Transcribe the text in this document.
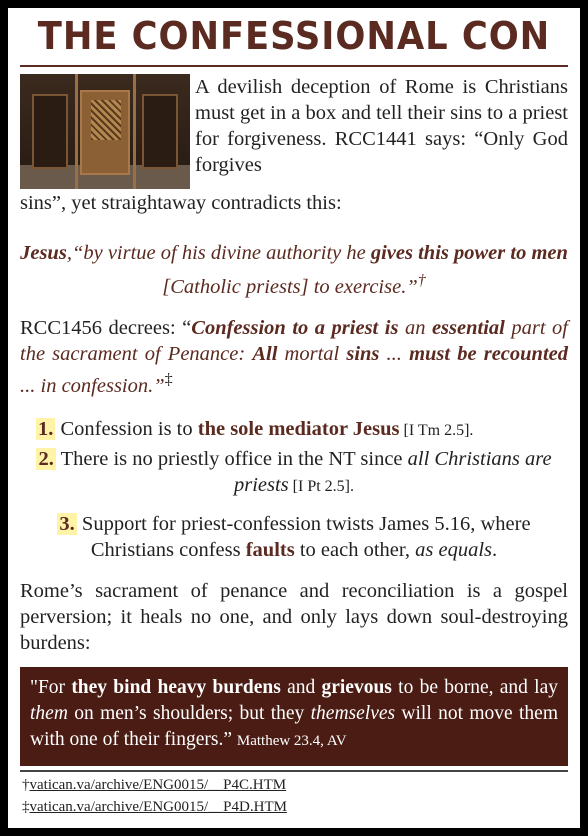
THE CONFESSIONAL CON

A devilish deception of Rome is Christians must get in a box and tell their sins to a priest for forgiveness. RCC1441 says: “Only God forgives

sins”, yet straightaway contradicts this:

Jesus,“by virtue of his divine authority he gives this power to men [Catholic priests] to exercise.”†

RCC1456 decrees: “Confession to a priest is an essential part of the sacrament of Penance: All mortal sins ... must be recounted ... in confession.”‡

1. Confession is to the sole mediator Jesus [I Tm 2.5].
2. There is no priestly office in the NT since all Christians are priests [I Pt 2.5].
3. Support for priest-confession twists James 5.16, where Christians confess faults to each other, as equals.

Rome’s sacrament of penance and reconciliation is a gospel perversion; it heals no one, and only lays down soul-destroying burdens:

"For they bind heavy burdens and grievous to be borne, and lay them on men’s shoulders; but they themselves will not move them with one of their fingers.” Matthew 23.4, AV
†vatican.va/archive/ENG0015/__P4C.HTM
‡vatican.va/archive/ENG0015/__P4D.HTM
